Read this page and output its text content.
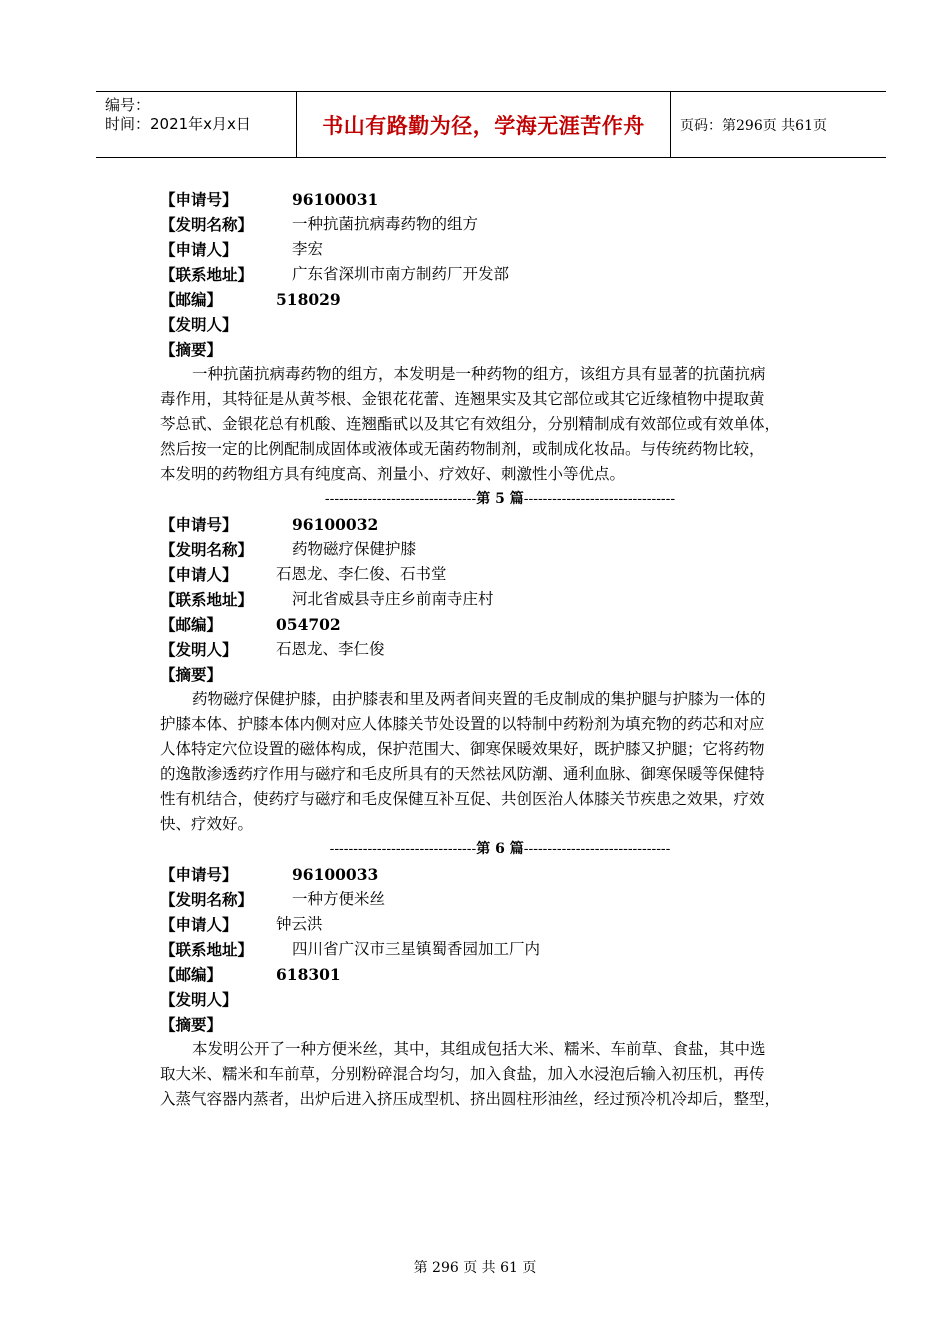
编号：
时间：2021年x月x日	书山有路勤为径，学海无涯苦作舟	页码：第296页 共61页
【申请号】	96100031
【发明名称】	一种抗菌抗病毒药物的组方
【申请人】	李宏
【联系地址】	广东省深圳市南方制药厂开发部
【邮编】	518029
【发明人】
【摘要】
一种抗菌抗病毒药物的组方，本发明是一种药物的组方，该组方具有显著的抗菌抗病
毒作用，其特征是从黄芩根、金银花花蕾、连翘果实及其它部位或其它近缘植物中提取黄
芩总甙、金银花总有机酸、连翘酯甙以及其它有效组分，分别精制成有效部位或有效单体，
然后按一定的比例配制成固体或液体或无菌药物制剂，或制成化妆品。与传统药物比较，
本发明的药物组方具有纯度高、剂量小、疗效好、刺激性小等优点。
--------------------------------第 5 篇--------------------------------
【申请号】	96100032
【发明名称】	药物磁疗保健护膝
【申请人】 石恩龙、李仁俊、石书堂
【联系地址】	河北省威县寺庄乡前南寺庄村
【邮编】	054702
【发明人】 石恩龙、李仁俊
【摘要】
药物磁疗保健护膝，由护膝表和里及两者间夹置的毛皮制成的集护腿与护膝为一体的
护膝本体、护膝本体内侧对应人体膝关节处设置的以特制中药粉剂为填充物的药芯和对应
人体特定穴位设置的磁体构成，保护范围大、御寒保暖效果好，既护膝又护腿；它将药物
的逸散渗透药疗作用与磁疗和毛皮所具有的天然祛风防潮、通利血脉、御寒保暖等保健特
性有机结合，使药疗与磁疗和毛皮保健互补互促、共创医治人体膝关节疾患之效果，疗效
快、疗效好。
-------------------------------第 6 篇-------------------------------
【申请号】	96100033
【发明名称】	一种方便米丝
【申请人】 钟云洪
【联系地址】	四川省广汉市三星镇蜀香园加工厂内
【邮编】	618301
【发明人】
【摘要】
本发明公开了一种方便米丝，其中，其组成包括大米、糯米、车前草、食盐，其中选
取大米、糯米和车前草，分别粉碎混合均匀，加入食盐，加入水浸泡后输入初压机，再传
入蒸气容器内蒸者，出炉后进入挤压成型机、挤出圆柱形油丝，经过预冷机冷却后，整型，
第 296 页 共 61 页
